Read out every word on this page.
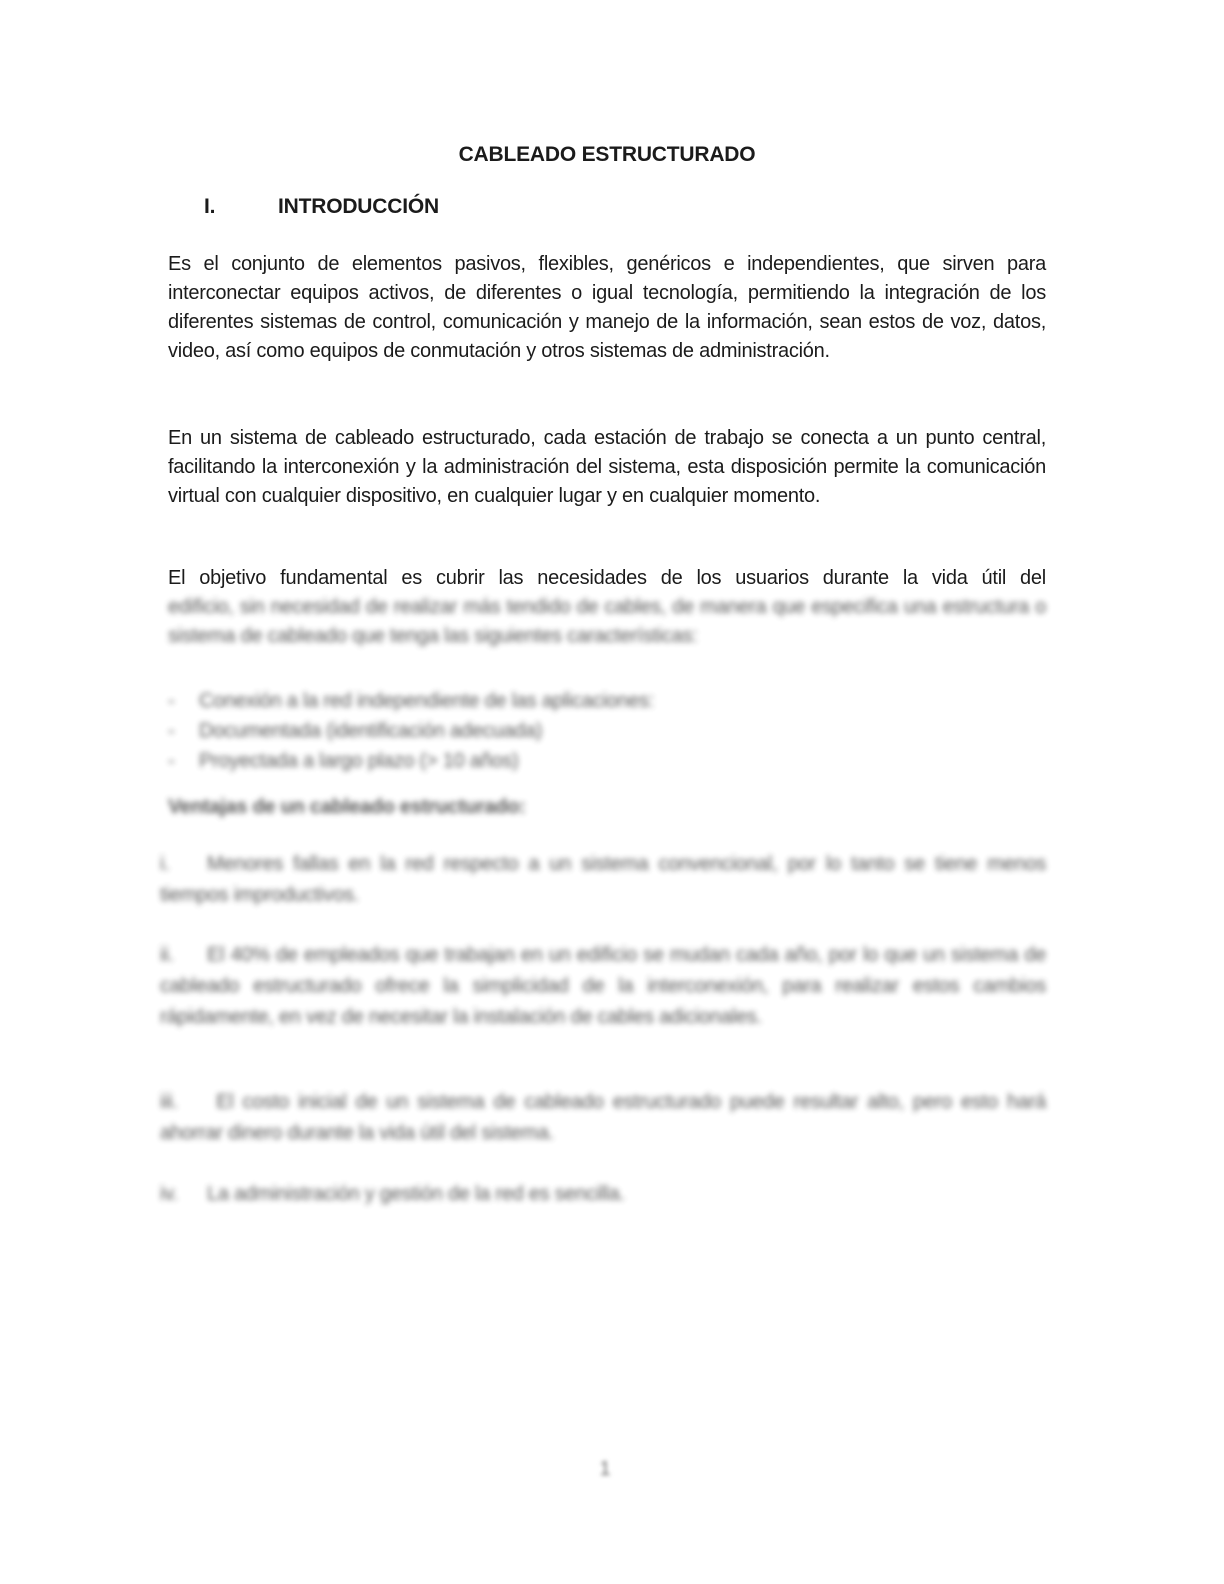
CABLEADO ESTRUCTURADO
I.	INTRODUCCIÓN
Es el conjunto de elementos pasivos, flexibles, genéricos e independientes, que sirven para interconectar equipos activos, de diferentes o igual tecnología, permitiendo la integración de los diferentes sistemas de control, comunicación y manejo de la información, sean estos de voz, datos, video, así como equipos de conmutación y otros sistemas de administración.
En un sistema de cableado estructurado, cada estación de trabajo se conecta a un punto central, facilitando la interconexión y la administración del sistema, esta disposición permite la comunicación virtual con cualquier dispositivo, en cualquier lugar y en cualquier momento.
El objetivo fundamental es cubrir las necesidades de los usuarios durante la vida útil del
edificio, sin necesidad de realizar más tendido de cables, de manera que especifica una estructura o sistema de cableado que tenga las siguientes características:
-	Conexión a la red independiente de las aplicaciones:
-	Documentada (identificación adecuada)
-	Proyectada a largo plazo (> 10 años)
Ventajas de un cableado estructurado:
i. Menores fallas en la red respecto a un sistema convencional, por lo tanto se tiene menos tiempos improductivos.
ii. El 40% de empleados que trabajan en un edificio se mudan cada año, por lo que un sistema de cableado estructurado ofrece la simplicidad de la interconexión, para realizar estos cambios rápidamente, en vez de necesitar la instalación de cables adicionales.
iii. El costo inicial de un sistema de cableado estructurado puede resultar alto, pero esto hará ahorrar dinero durante la vida útil del sistema.
iv. La administración y gestión de la red es sencilla.
1
